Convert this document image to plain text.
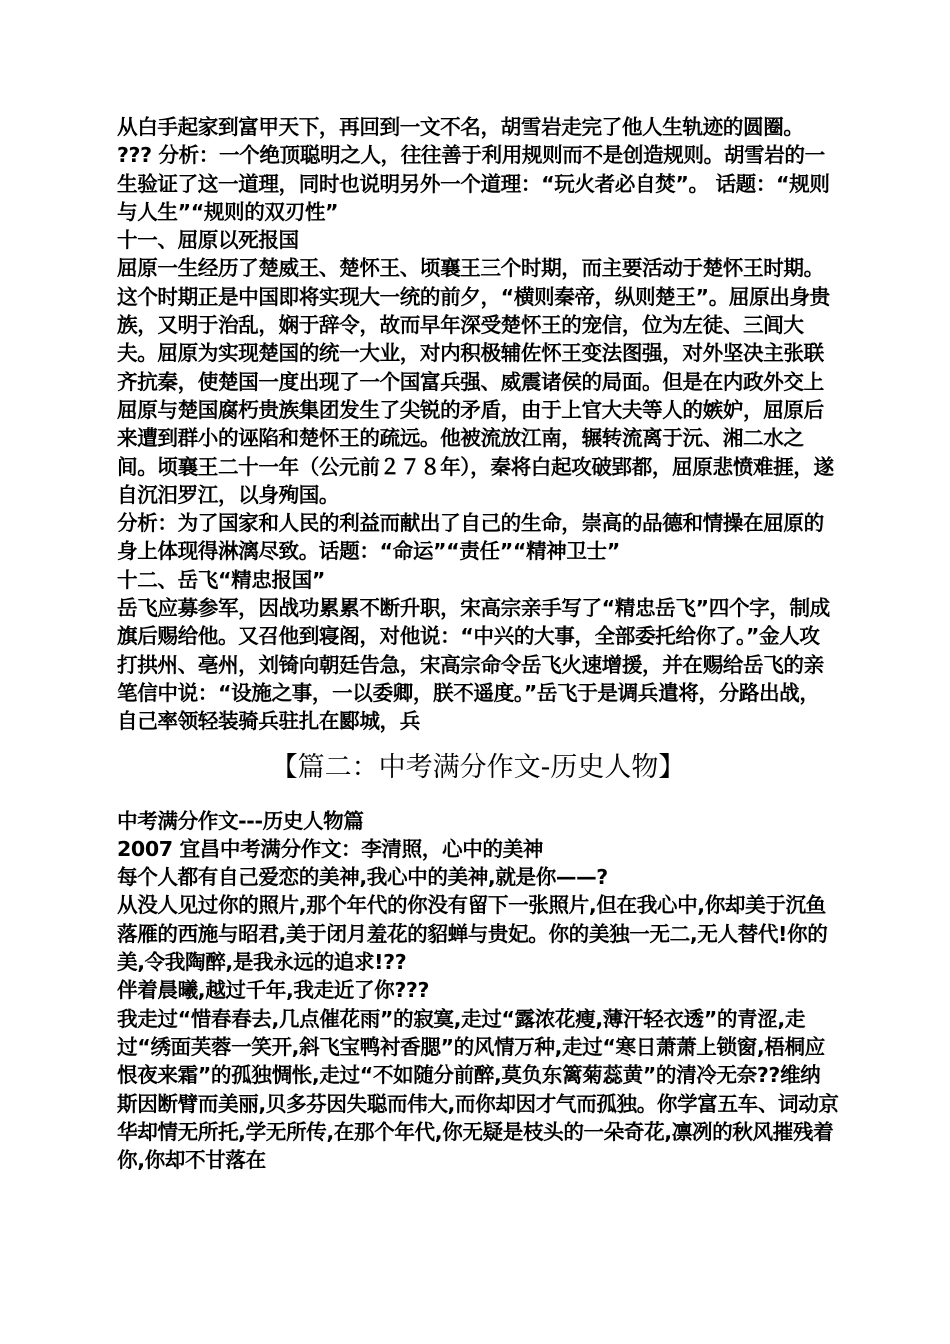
从白手起家到富甲天下，再回到一文不名，胡雪岩走完了他人生轨迹的圆圈。

??? 分析：一个绝顶聪明之人，往往善于利用规则而不是创造规则。胡雪岩的一生验证了这一道理，同时也说明另外一个道理：“玩火者必自焚”。 话题：“规则与人生”“规则的双刃性”

十一、屈原以死报国

屈原一生经历了楚威王、楚怀王、顷襄王三个时期，而主要活动于楚怀王时期。这个时期正是中国即将实现大一统的前夕，“横则秦帝，纵则楚王”。屈原出身贵族，又明于治乱，娴于辞令，故而早年深受楚怀王的宠信，位为左徒、三闾大夫。屈原为实现楚国的统一大业，对内积极辅佐怀王变法图强，对外坚决主张联齐抗秦，使楚国一度出现了一个国富兵强、威震诸侯的局面。但是在内政外交上屈原与楚国腐朽贵族集团发生了尖锐的矛盾，由于上官大夫等人的嫉妒，屈原后来遭到群小的诬陷和楚怀王的疏远。他被流放江南，辗转流离于沅、湘二水之间。顷襄王二十一年（公元前２７８年），秦将白起攻破郢都，屈原悲愤难捱，遂自沉汨罗江，以身殉国。

分析：为了国家和人民的利益而献出了自己的生命，崇高的品德和情操在屈原的身上体现得淋漓尽致。话题：“命运”“责任”“精神卫士”

十二、岳飞“精忠报国”

岳飞应募参军，因战功累累不断升职，宋高宗亲手写了“精忠岳飞”四个字，制成旗后赐给他。又召他到寝阁，对他说：“中兴的大事，全部委托给你了。”金人攻打拱州、亳州，刘锜向朝廷告急，宋高宗命令岳飞火速增援，并在赐给岳飞的亲笔信中说：“设施之事，一以委卿，朕不遥度。”岳飞于是调兵遣将，分路出战，自己率领轻装骑兵驻扎在郾城，兵

【篇二：中考满分作文-历史人物】

中考满分作文---历史人物篇

2007 宜昌中考满分作文：李清照，心中的美神

每个人都有自己爱恋的美神,我心中的美神,就是你——?

从没人见过你的照片,那个年代的你没有留下一张照片,但在我心中,你却美于沉鱼落雁的西施与昭君,美于闭月羞花的貂蝉与贵妃。你的美独一无二,无人替代!你的美,令我陶醉,是我永远的追求!??

伴着晨曦,越过千年,我走近了你???

我走过“惜春春去,几点催花雨”的寂寞,走过“露浓花瘦,薄汗轻衣透”的青涩,走过“绣面芙蓉一笑开,斜飞宝鸭衬香腮”的风情万种,走过“寒日萧萧上锁窗,梧桐应恨夜来霜”的孤独惆怅,走过“不如随分前醉,莫负东篱菊蕊黄”的清冷无奈??维纳斯因断臂而美丽,贝多芬因失聪而伟大,而你却因才气而孤独。你学富五车、词动京华却情无所托,学无所传,在那个年代,你无疑是枝头的一朵奇花,凛冽的秋风摧残着你,你却不甘落在
